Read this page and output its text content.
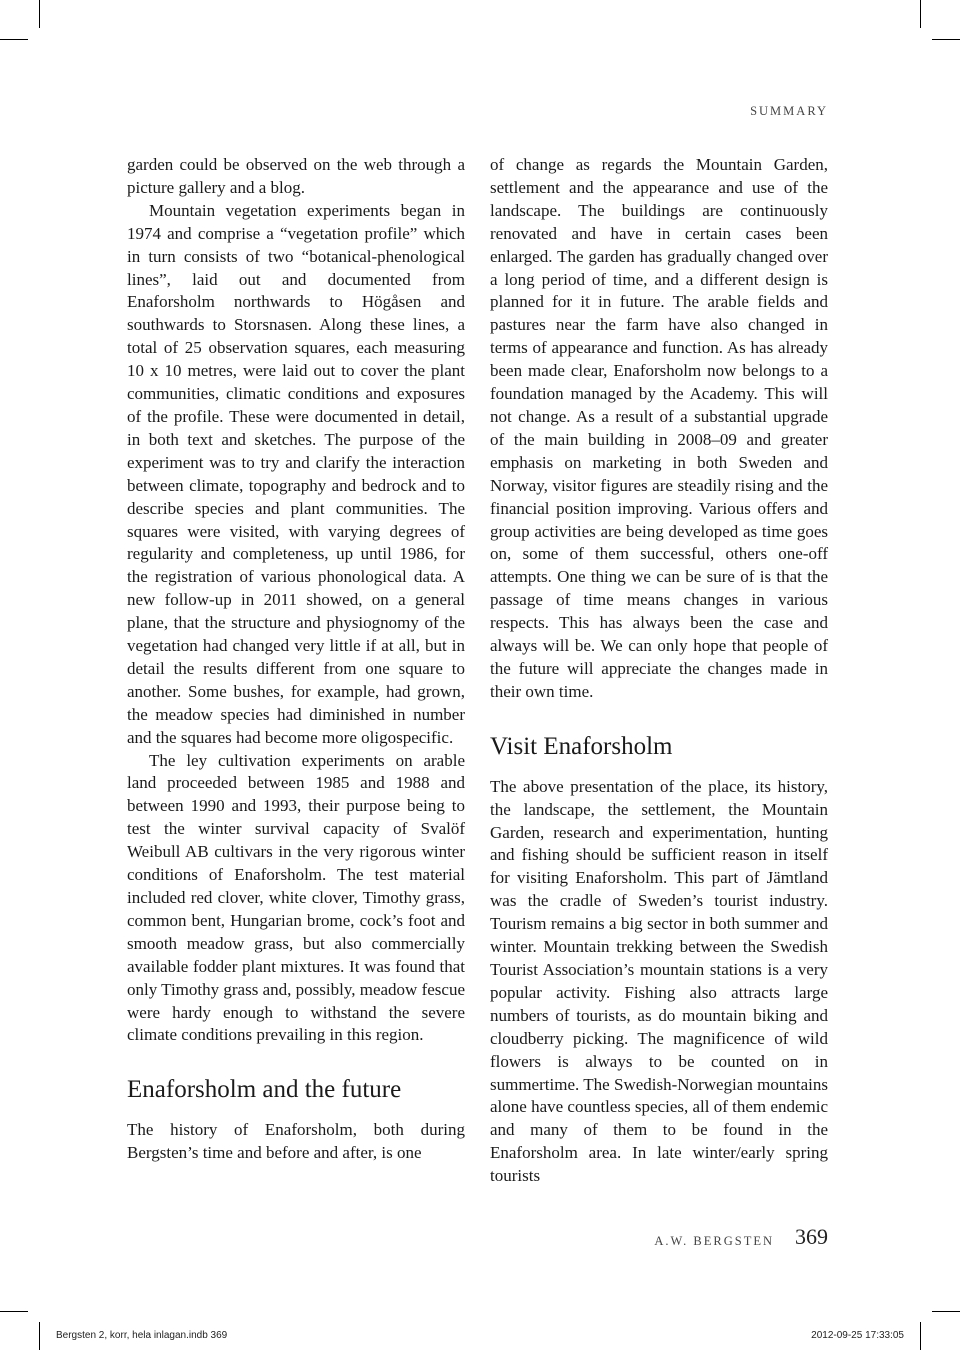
SUMMARY

garden could be observed on the web through a picture gallery and a blog.

Mountain vegetation experiments began in 1974 and comprise a “vegetation profile” which in turn consists of two “botanical-phenological lines”, laid out and documented from Enaforsholm northwards to Högåsen and southwards to Storsnasen. Along these lines, a total of 25 observation squares, each measuring 10 x 10 metres, were laid out to cover the plant communities, climatic conditions and exposures of the profile. These were documented in detail, in both text and sketches. The purpose of the experiment was to try and clarify the interaction between climate, topography and bedrock and to describe species and plant communities. The squares were visited, with varying degrees of regularity and completeness, up until 1986, for the registration of various phonological data. A new follow-up in 2011 showed, on a general plane, that the structure and physiognomy of the vegetation had changed very little if at all, but in detail the results different from one square to another. Some bushes, for example, had grown, the meadow species had diminished in number and the squares had become more oligospecific.

The ley cultivation experiments on arable land proceeded between 1985 and 1988 and between 1990 and 1993, their purpose being to test the winter survival capacity of Svalöf Weibull AB cultivars in the very rigorous winter conditions of Enaforsholm. The test material included red clover, white clover, Timothy grass, common bent, Hungarian brome, cock’s foot and smooth meadow grass, but also commercially available fodder plant mixtures. It was found that only Timothy grass and, possibly, meadow fescue were hardy enough to withstand the severe climate conditions prevailing in this region.

Enaforsholm and the future

The history of Enaforsholm, both during Bergsten’s time and before and after, is one

of change as regards the Mountain Garden, settlement and the appearance and use of the landscape. The buildings are continuously renovated and have in certain cases been enlarged. The garden has gradually changed over a long period of time, and a different design is planned for it in future. The arable fields and pastures near the farm have also changed in terms of appearance and function. As has already been made clear, Enaforsholm now belongs to a foundation managed by the Academy. This will not change. As a result of a substantial upgrade of the main building in 2008–09 and greater emphasis on marketing in both Sweden and Norway, visitor figures are steadily rising and the financial position improving. Various offers and group activities are being developed as time goes on, some of them successful, others one-off attempts. One thing we can be sure of is that the passage of time means changes in various respects. This has always been the case and always will be. We can only hope that people of the future will appreciate the changes made in their own time.

Visit Enaforsholm

The above presentation of the place, its history, the landscape, the settlement, the Mountain Garden, research and experimentation, hunting and fishing should be sufficient reason in itself for visiting Enaforsholm. This part of Jämtland was the cradle of Sweden’s tourist industry. Tourism remains a big sector in both summer and winter. Mountain trekking between the Swedish Tourist Association’s mountain stations is a very popular activity. Fishing also attracts large numbers of tourists, as do mountain biking and cloudberry picking. The magnificence of wild flowers is always to be counted on in summertime. The Swedish-Norwegian mountains alone have countless species, all of them endemic and many of them to be found in the Enaforsholm area. In late winter/early spring tourists

A.W. BERGSTEN 369
Bergsten 2, korr, hela inlagan.indb 369	2012-09-25 17:33:05
